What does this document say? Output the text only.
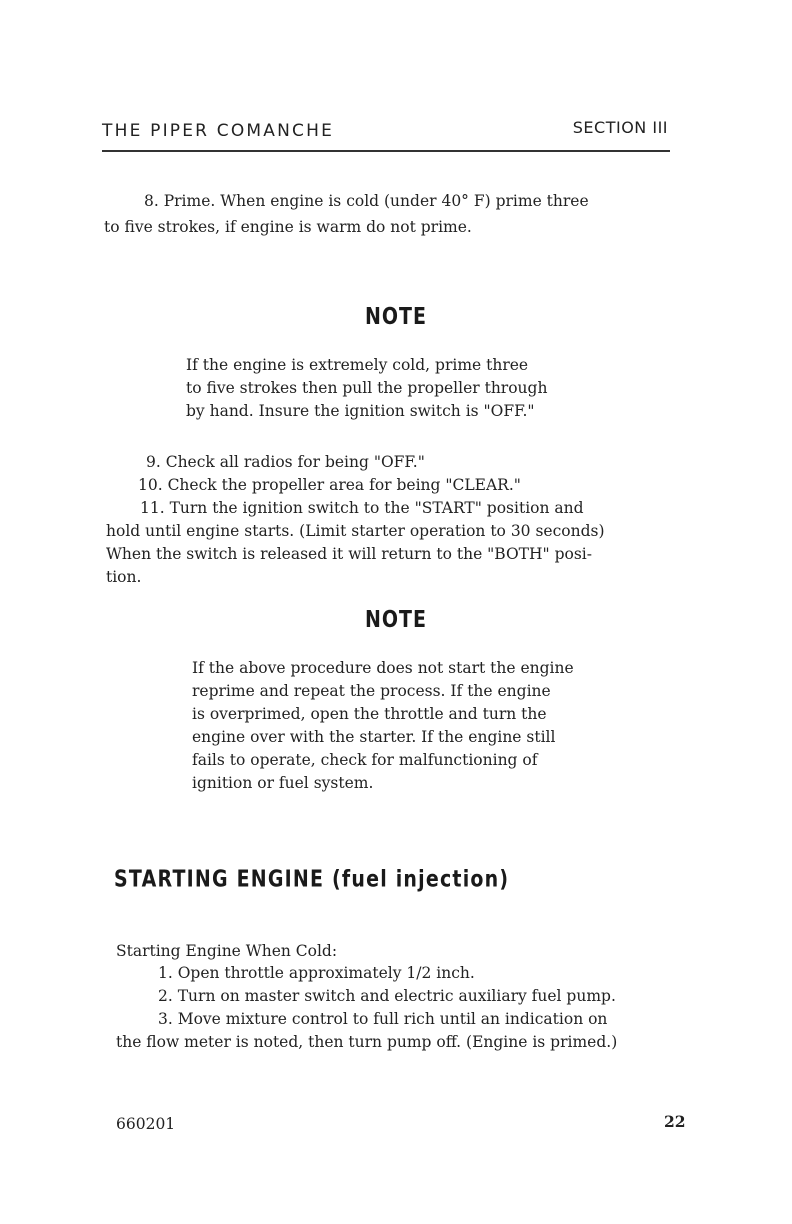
THE PIPER COMANCHE	SECTION III
8. Prime. When engine is cold (under 40° F) prime three
to five strokes, if engine is warm do not prime.
NOTE
If the engine is extremely cold, prime three
to five strokes then pull the propeller through
by hand. Insure the ignition switch is "OFF."
9. Check all radios for being "OFF."
10. Check the propeller area for being "CLEAR."
11. Turn the ignition switch to the "START" position and
hold until engine starts. (Limit starter operation to 30 seconds)
When the switch is released it will return to the "BOTH" posi-
tion.
NOTE
If the above procedure does not start the engine
reprime and repeat the process. If the engine
is overprimed, open the throttle and turn the
engine over with the starter. If the engine still
fails to operate, check for malfunctioning of
ignition or fuel system.
STARTING ENGINE (fuel injection)
Starting Engine When Cold:
1. Open throttle approximately 1/2 inch.
2. Turn on master switch and electric auxiliary fuel pump.
3. Move mixture control to full rich until an indication on
the flow meter is noted, then turn pump off. (Engine is primed.)
660201	22
